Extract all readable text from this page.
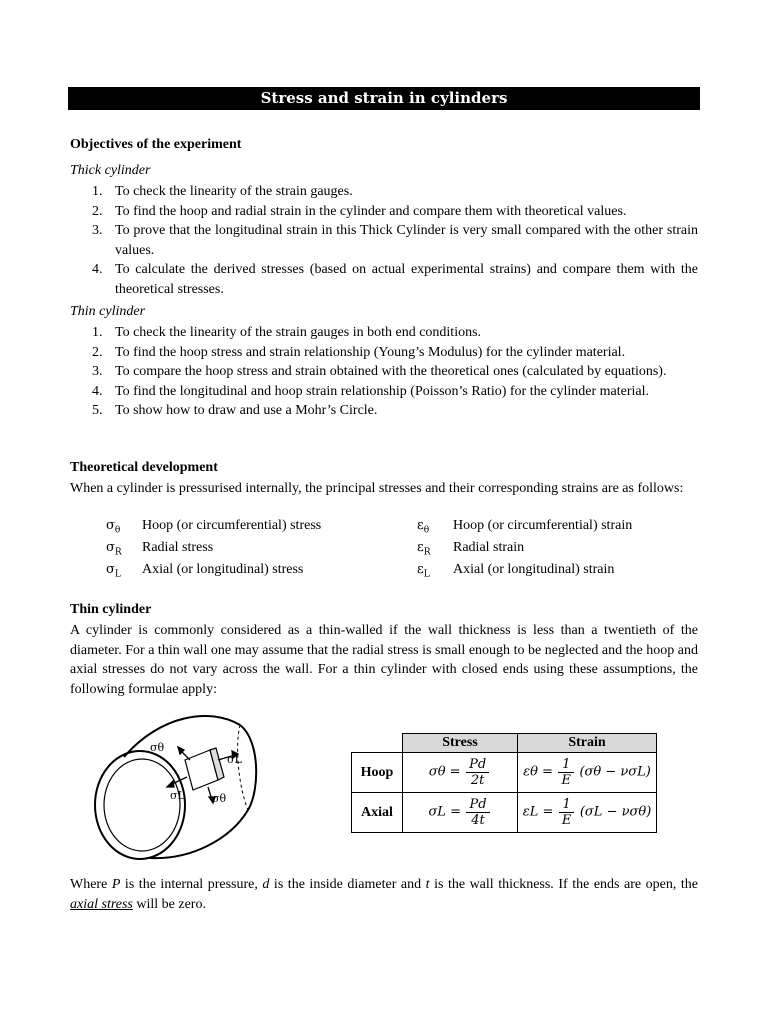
Stress and strain in cylinders
Objectives of the experiment
Thick cylinder
1. To check the linearity of the strain gauges.
2. To find the hoop and radial strain in the cylinder and compare them with theoretical values.
3. To prove that the longitudinal strain in this Thick Cylinder is very small compared with the other strain values.
4. To calculate the derived stresses (based on actual experimental strains) and compare them with the theoretical stresses.
Thin cylinder
1. To check the linearity of the strain gauges in both end conditions.
2. To find the hoop stress and strain relationship (Young’s Modulus) for the cylinder material.
3. To compare the hoop stress and strain obtained with the theoretical ones (calculated by equations).
4. To find the longitudinal and hoop strain relationship (Poisson’s Ratio) for the cylinder material.
5. To show how to draw and use a Mohr’s Circle.
Theoretical development

When a cylinder is pressurised internally, the principal stresses and their corresponding strains are as follows:

$\sigma_\theta$ Hoop (or circumferential) stress	$\varepsilon_\theta$ Hoop (or circumferential) strain
$\sigma_R$ Radial stress	$\varepsilon_R$ Radial strain
$\sigma_L$ Axial (or longitudinal) stress	$\varepsilon_L$ Axial (or longitudinal) strain
Thin cylinder

A cylinder is commonly considered as a thin-walled if the wall thickness is less than a twentieth of the diameter. For a thin wall one may assume that the radial stress is small enough to be neglected and the hoop and axial stresses do not vary across the wall. For a thin cylinder with closed ends using these assumptions, the following formulae apply:

σθ
σL
σL σθ
	Stress	Strain
Hoop	$\sigma\theta = \frac{Pd}{2t}$	$\varepsilon\theta = \frac{1}{E} (\sigma\theta - \nu\sigma L)$
Axial	$\sigma L = \frac{Pd}{4t}$	$\varepsilon L = \frac{1}{E} (\sigma L - \nu\sigma\theta)$

Where P is the internal pressure, d is the inside diameter and t is the wall thickness. If the ends are open, the axial stress will be zero.
